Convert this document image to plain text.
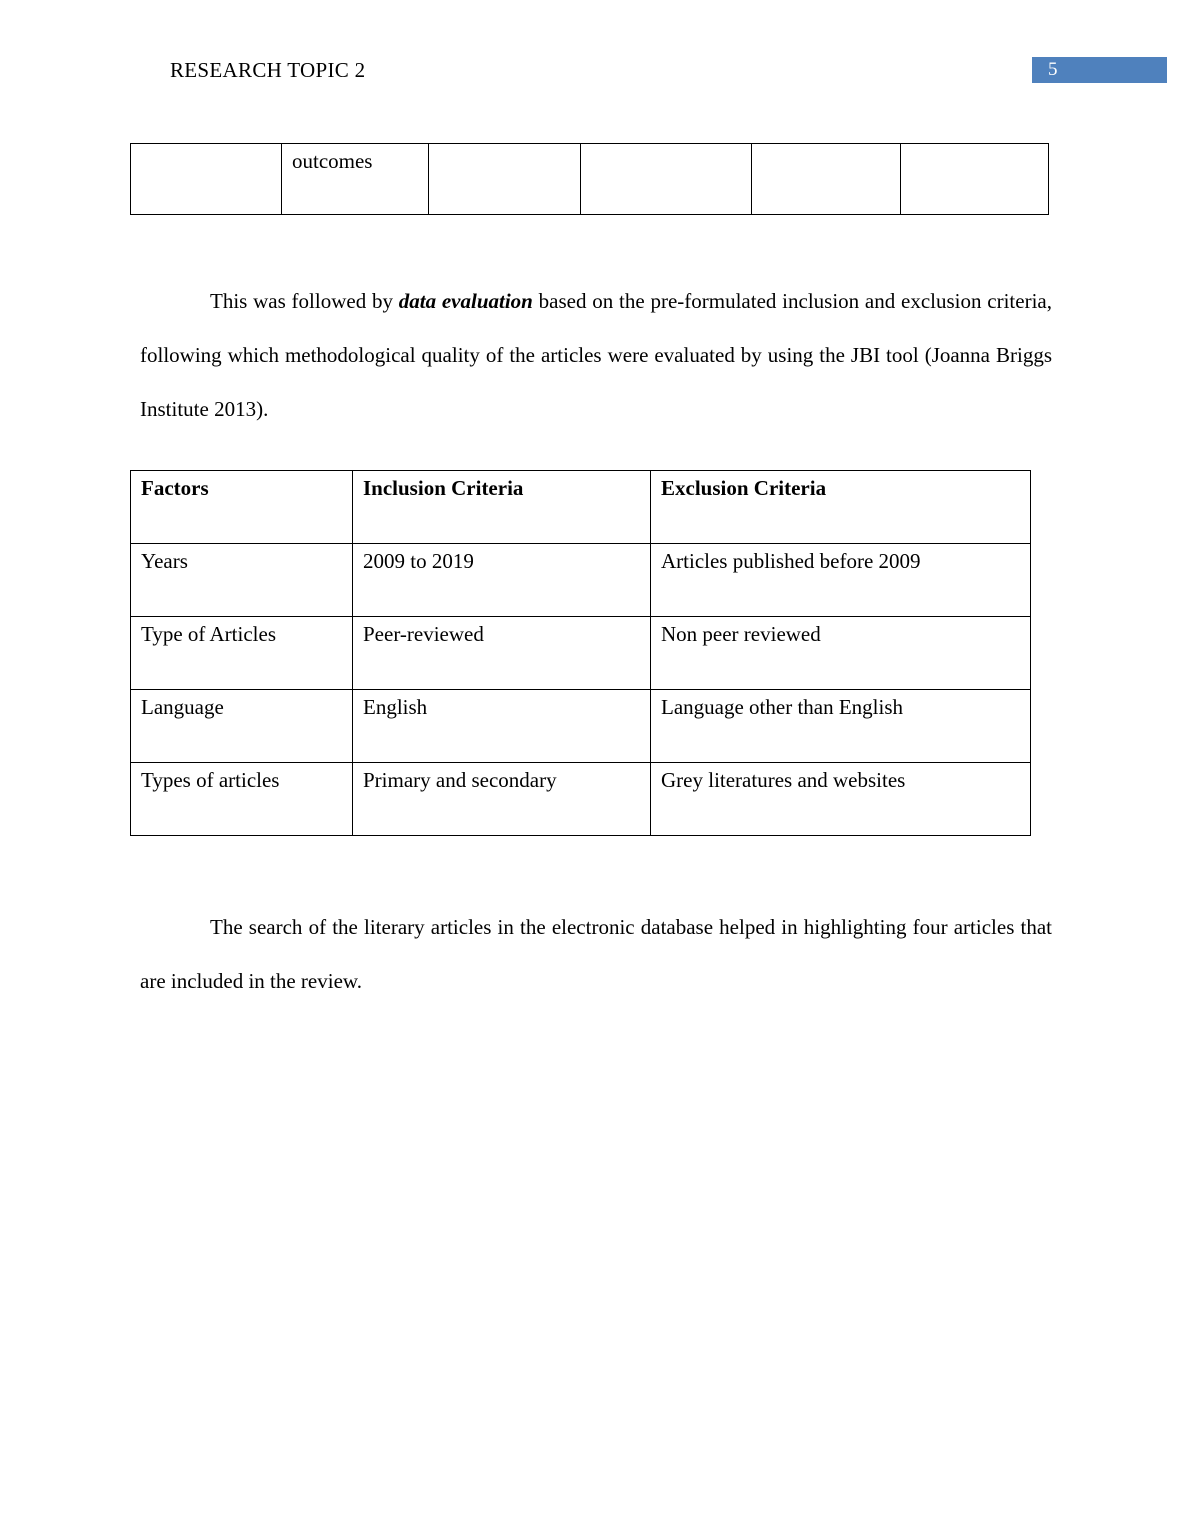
RESEARCH TOPIC 2	5
	outcomes				

This was followed by data evaluation based on the pre-formulated inclusion and exclusion criteria, following which methodological quality of the articles were evaluated by using the JBI tool (Joanna Briggs Institute 2013).

Factors	Inclusion Criteria	Exclusion Criteria
Years	2009 to 2019	Articles published before 2009
Type of Articles	Peer-reviewed	Non peer reviewed
Language	English	Language other than English
Types of articles	Primary and secondary	Grey literatures and websites

The search of the literary articles in the electronic database helped in highlighting four articles that are included in the review.
